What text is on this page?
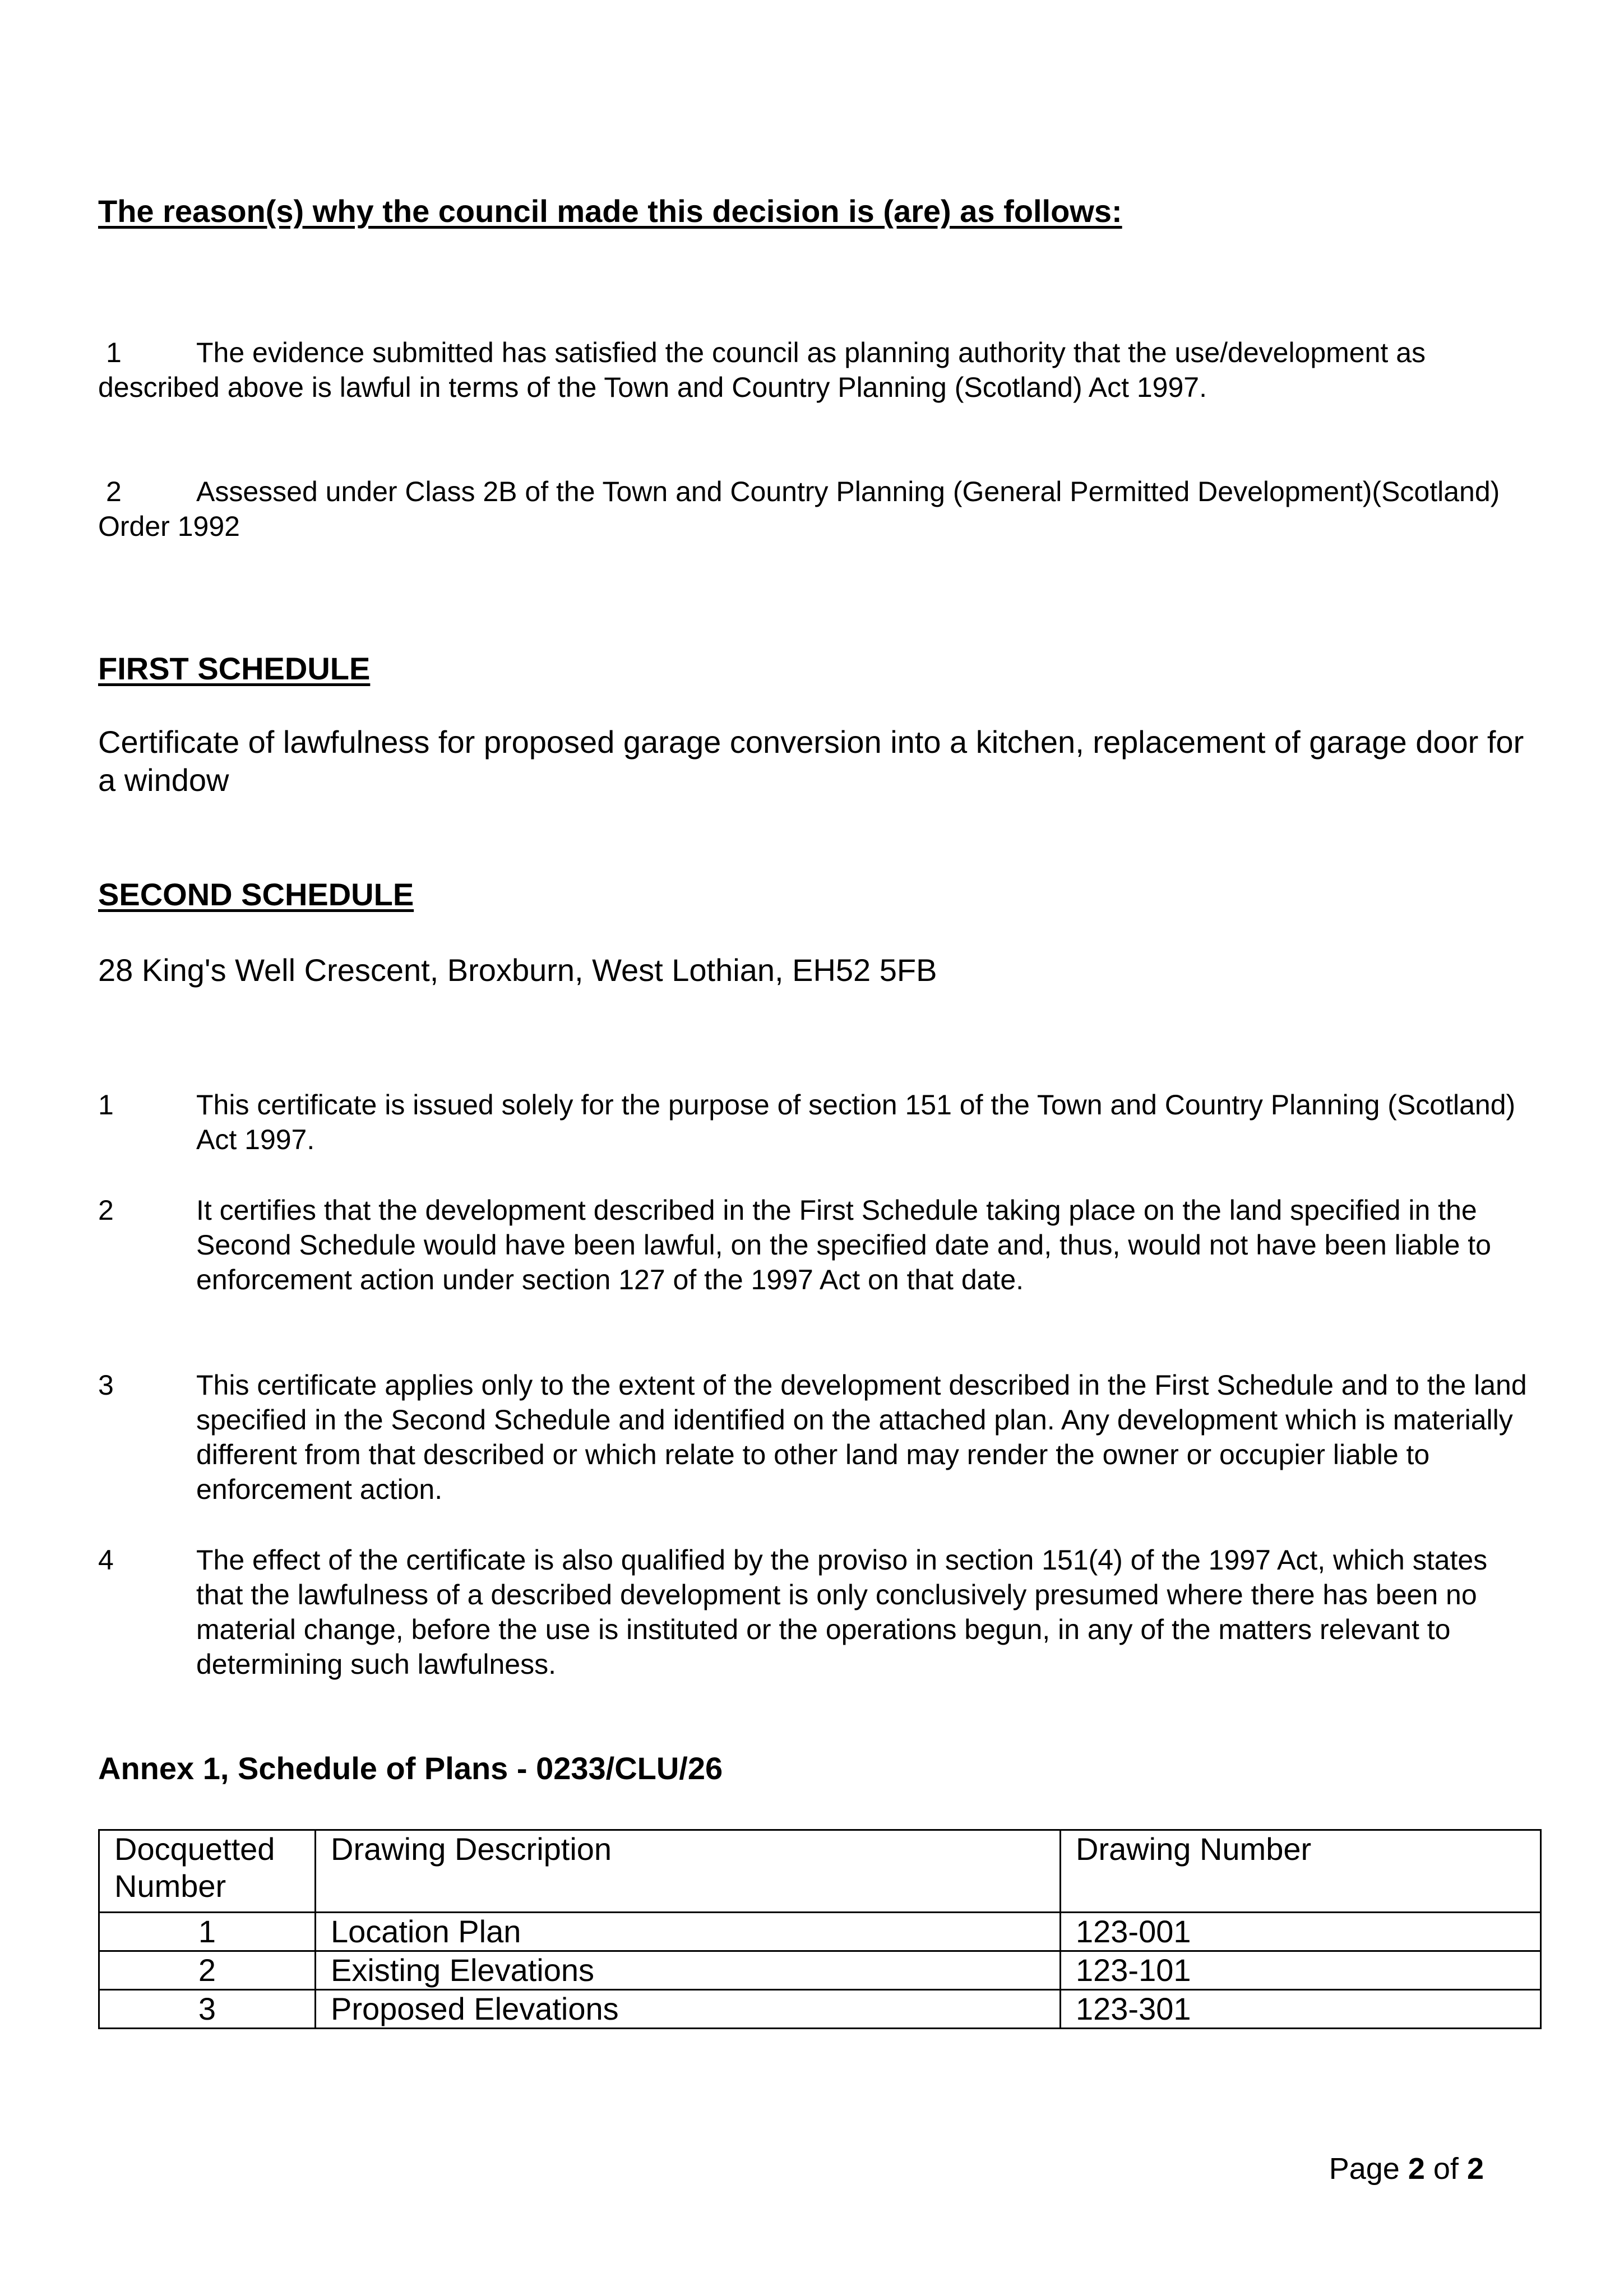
The reason(s) why the council made this decision is (are) as follows:
1	The evidence submitted has satisfied the council as planning authority that the use/development as described above is lawful in terms of the Town and Country Planning (Scotland) Act 1997.
2	Assessed under Class 2B of the Town and Country Planning (General Permitted Development)(Scotland) Order 1992
FIRST SCHEDULE
Certificate of lawfulness for proposed garage conversion into a kitchen, replacement of garage door for a window
SECOND SCHEDULE
28 King's Well Crescent, Broxburn, West Lothian, EH52 5FB
1	This certificate is issued solely for the purpose of section 151 of the Town and Country Planning (Scotland) Act 1997.
2	It certifies that the development described in the First Schedule taking place on the land specified in the Second Schedule would have been lawful, on the specified date and, thus, would not have been liable to enforcement action under section 127 of the 1997 Act on that date.
3	This certificate applies only to the extent of the development described in the First Schedule and to the land specified in the Second Schedule and identified on the attached plan. Any development which is materially different from that described or which relate to other land may render the owner or occupier liable to enforcement action.
4	The effect of the certificate is also qualified by the proviso in section 151(4) of the 1997 Act, which states that the lawfulness of a described development is only conclusively presumed where there has been no material change, before the use is instituted or the operations begun, in any of the matters relevant to determining such lawfulness.
Annex 1, Schedule of Plans - 0233/CLU/26
Docquetted Number	Drawing Description	Drawing Number
1	Location Plan	123-001
2	Existing Elevations	123-101
3	Proposed Elevations	123-301
Page 2 of 2
